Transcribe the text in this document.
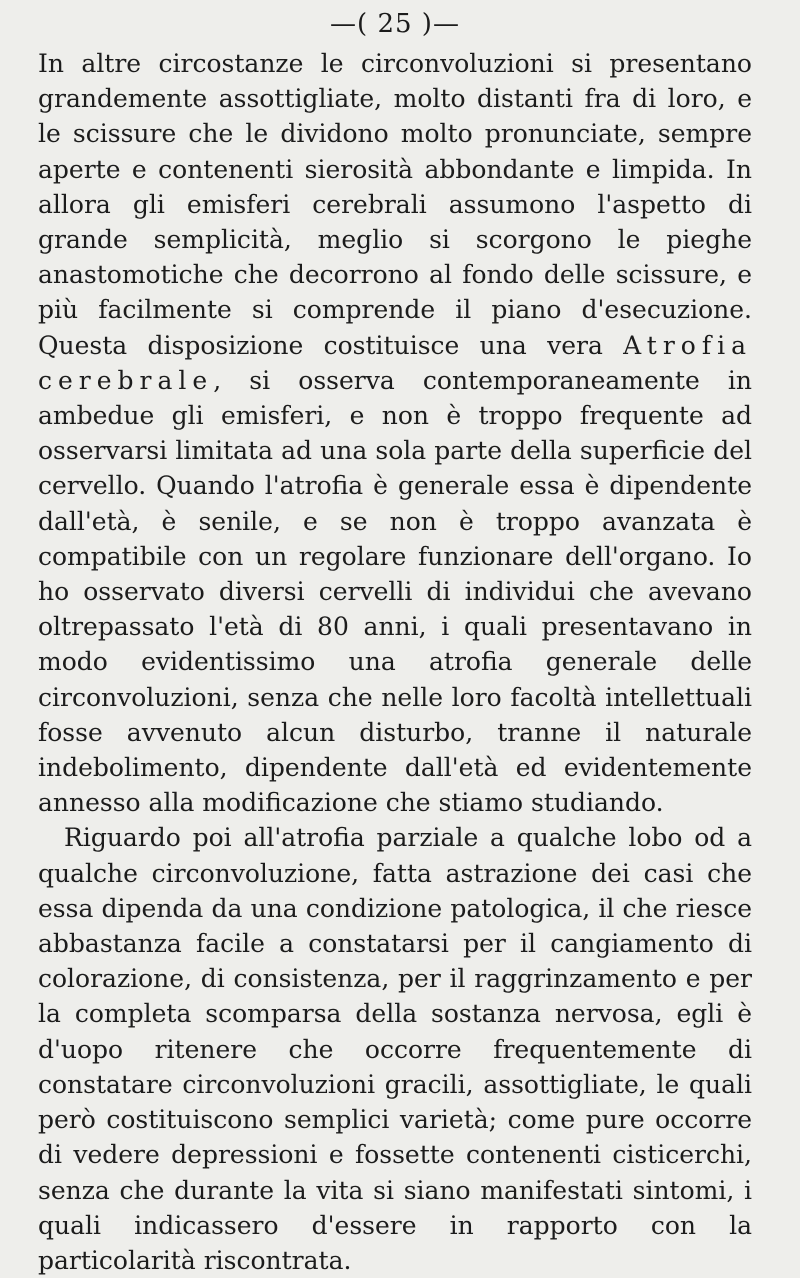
—( 25 )—

In altre circostanze le circonvoluzioni si presentano grandemente assottigliate, molto distanti fra di loro, e le scissure che le dividono molto pronunciate, sempre aperte e contenenti sierosità abbondante e limpida. In allora gli emisferi cerebrali assumono l'aspetto di grande semplicità, meglio si scorgono le pieghe anastomotiche che decorrono al fondo delle scissure, e più facilmente si comprende il piano d'esecuzione. Questa disposizione costituisce una vera Atrofia cerebrale, si osserva contemporaneamente in ambedue gli emisferi, e non è troppo frequente ad osservarsi limitata ad una sola parte della superficie del cervello. Quando l'atrofia è generale essa è dipendente dall'età, è senile, e se non è troppo avanzata è compatibile con un regolare funzionare dell'organo. Io ho osservato diversi cervelli di individui che avevano oltrepassato l'età di 80 anni, i quali presentavano in modo evidentissimo una atrofia generale delle circonvoluzioni, senza che nelle loro facoltà intellettuali fosse avvenuto alcun disturbo, tranne il naturale indebolimento, dipendente dall'età ed evidentemente annesso alla modificazione che stiamo studiando.

Riguardo poi all'atrofia parziale a qualche lobo od a qualche circonvoluzione, fatta astrazione dei casi che essa dipenda da una condizione patologica, il che riesce abbastanza facile a constatarsi per il cangiamento di colorazione, di consistenza, per il raggrinzamento e per la completa scomparsa della sostanza nervosa, egli è d'uopo ritenere che occorre frequentemente di constatare circonvoluzioni gracili, assottigliate, le quali però costituiscono semplici varietà; come pure occorre di vedere depressioni e fossette contenenti cisticerchi, senza che durante la vita si siano manifestati sintomi, i quali indicassero d'essere in rapporto con la particolarità riscontrata.
